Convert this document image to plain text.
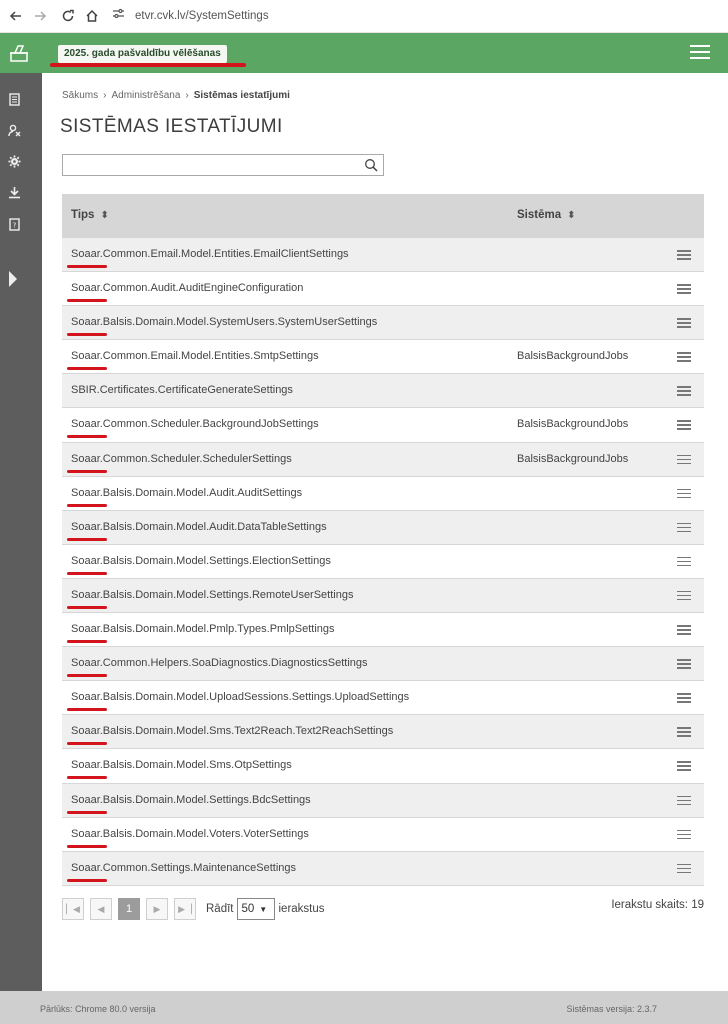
etvr.cvk.lv/SystemSettings
2025. gada pašvaldību vēlēšanas
?
Sākums › Administrēšana › Sistēmas iestatījumi
SISTĒMAS IESTATĪJUMI
Tips ⬍	Sistēma ⬍
Soaar.Common.Email.Model.Entities.EmailClientSettings
Soaar.Common.Audit.AuditEngineConfiguration
Soaar.Balsis.Domain.Model.SystemUsers.SystemUserSettings
Soaar.Common.Email.Model.Entities.SmtpSettings	BalsisBackgroundJobs
SBIR.Certificates.CertificateGenerateSettings
Soaar.Common.Scheduler.BackgroundJobSettings	BalsisBackgroundJobs
Soaar.Common.Scheduler.SchedulerSettings	BalsisBackgroundJobs
Soaar.Balsis.Domain.Model.Audit.AuditSettings
Soaar.Balsis.Domain.Model.Audit.DataTableSettings
Soaar.Balsis.Domain.Model.Settings.ElectionSettings
Soaar.Balsis.Domain.Model.Settings.RemoteUserSettings
Soaar.Balsis.Domain.Model.Pmlp.Types.PmlpSettings
Soaar.Common.Helpers.SoaDiagnostics.DiagnosticsSettings
Soaar.Balsis.Domain.Model.UploadSessions.Settings.UploadSettings
Soaar.Balsis.Domain.Model.Sms.Text2Reach.Text2ReachSettings
Soaar.Balsis.Domain.Model.Sms.OtpSettings
Soaar.Balsis.Domain.Model.Settings.BdcSettings
Soaar.Balsis.Domain.Model.Voters.VoterSettings
Soaar.Common.Settings.MaintenanceSettings
▏◀	◀	1	▶	▶▕	Rādīt 50 ▼ ierakstus	Ierakstu skaits: 19
Pārlūks: Chrome 80.0 versija	Sistēmas versija: 2.3.7
